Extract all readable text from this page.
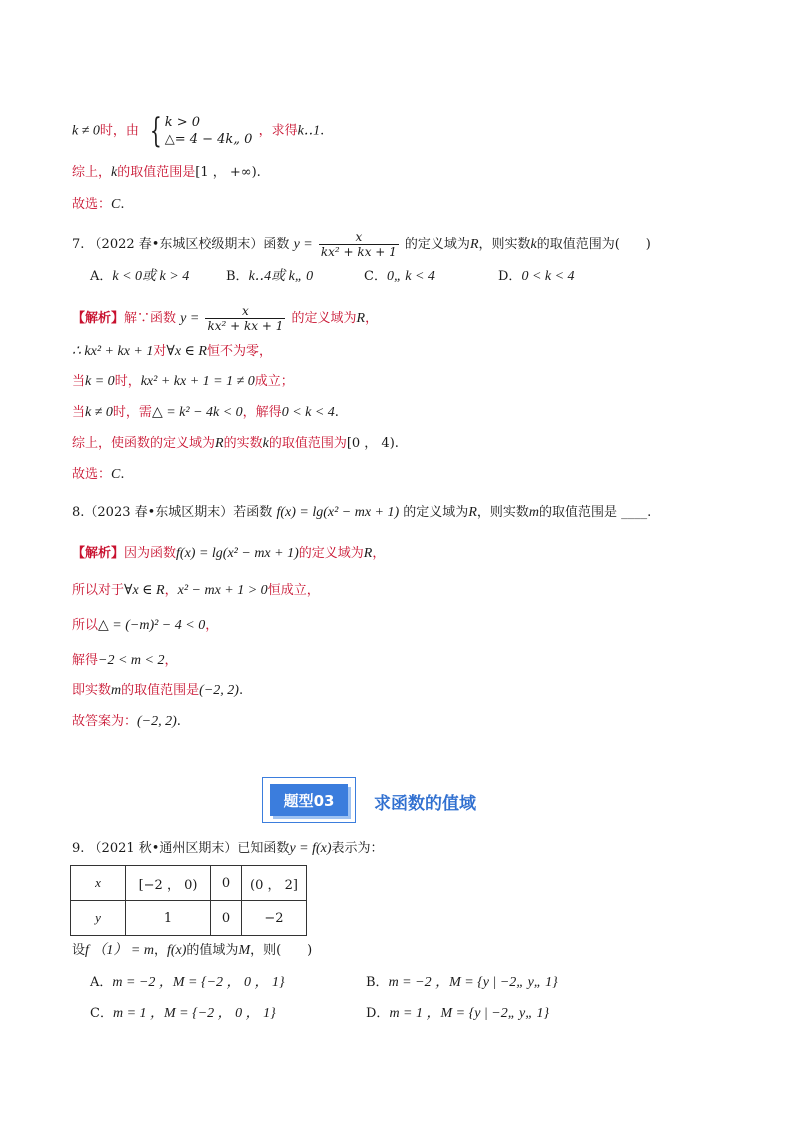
k ≠ 0时，由 { k > 0
△= 4 − 4k„ 0
，求得k‥1.
综上，k的取值范围是[1 ， +∞).
故选：C.
7. （2022 春•东城区校级期末）函数 $y = \frac{x}{\text{kx² + kx + 1}}$ 的定义域为R，则实数k的取值范围为(　　)
A．k < 0或 k > 4	B．k‥4或 k„ 0	C．0„ k < 4	D．0 < k < 4
【解析】解∵函数 $y = \frac{x}{\text{kx² + kx + 1}}$ 的定义域为R，
∴ kx² + kx + 1对∀x ∈ R恒不为零，
当k = 0时，kx² + kx + 1 = 1 ≠ 0成立；
当k ≠ 0时，需△ = k² − 4k < 0，解得0 < k < 4.
综上，使函数的定义域为R的实数k的取值范围为[0 ， 4).
故选：C.
8.（2023 春•东城区期末）若函数 f(x) = lg(x² − mx + 1) 的定义域为R，则实数m的取值范围是 ____.
【解析】因为函数f(x) = lg(x² − mx + 1)的定义域为R，
所以对于∀x ∈ R，x² − mx + 1 > 0恒成立，
所以△ = (−m)² − 4 < 0，
解得−2 < m < 2，
即实数m的取值范围是(−2, 2).
故答案为：(−2, 2).
题型03	求函数的值域
9. （2021 秋•通州区期末）已知函数y = f(x)表示为：
x	[−2 ， 0)	0	(0 ， 2]
y	1	0	−2
设f （1） = m，f(x)的值域为M，则(　　)
A．m = −2 ，M = {−2 ， 0 ， 1}	B．m = −2 ，M = {y | −2„ y„ 1}
C．m = 1 ，M = {−2 ， 0 ， 1}	D．m = 1 ，M = {y | −2„ y„ 1}
